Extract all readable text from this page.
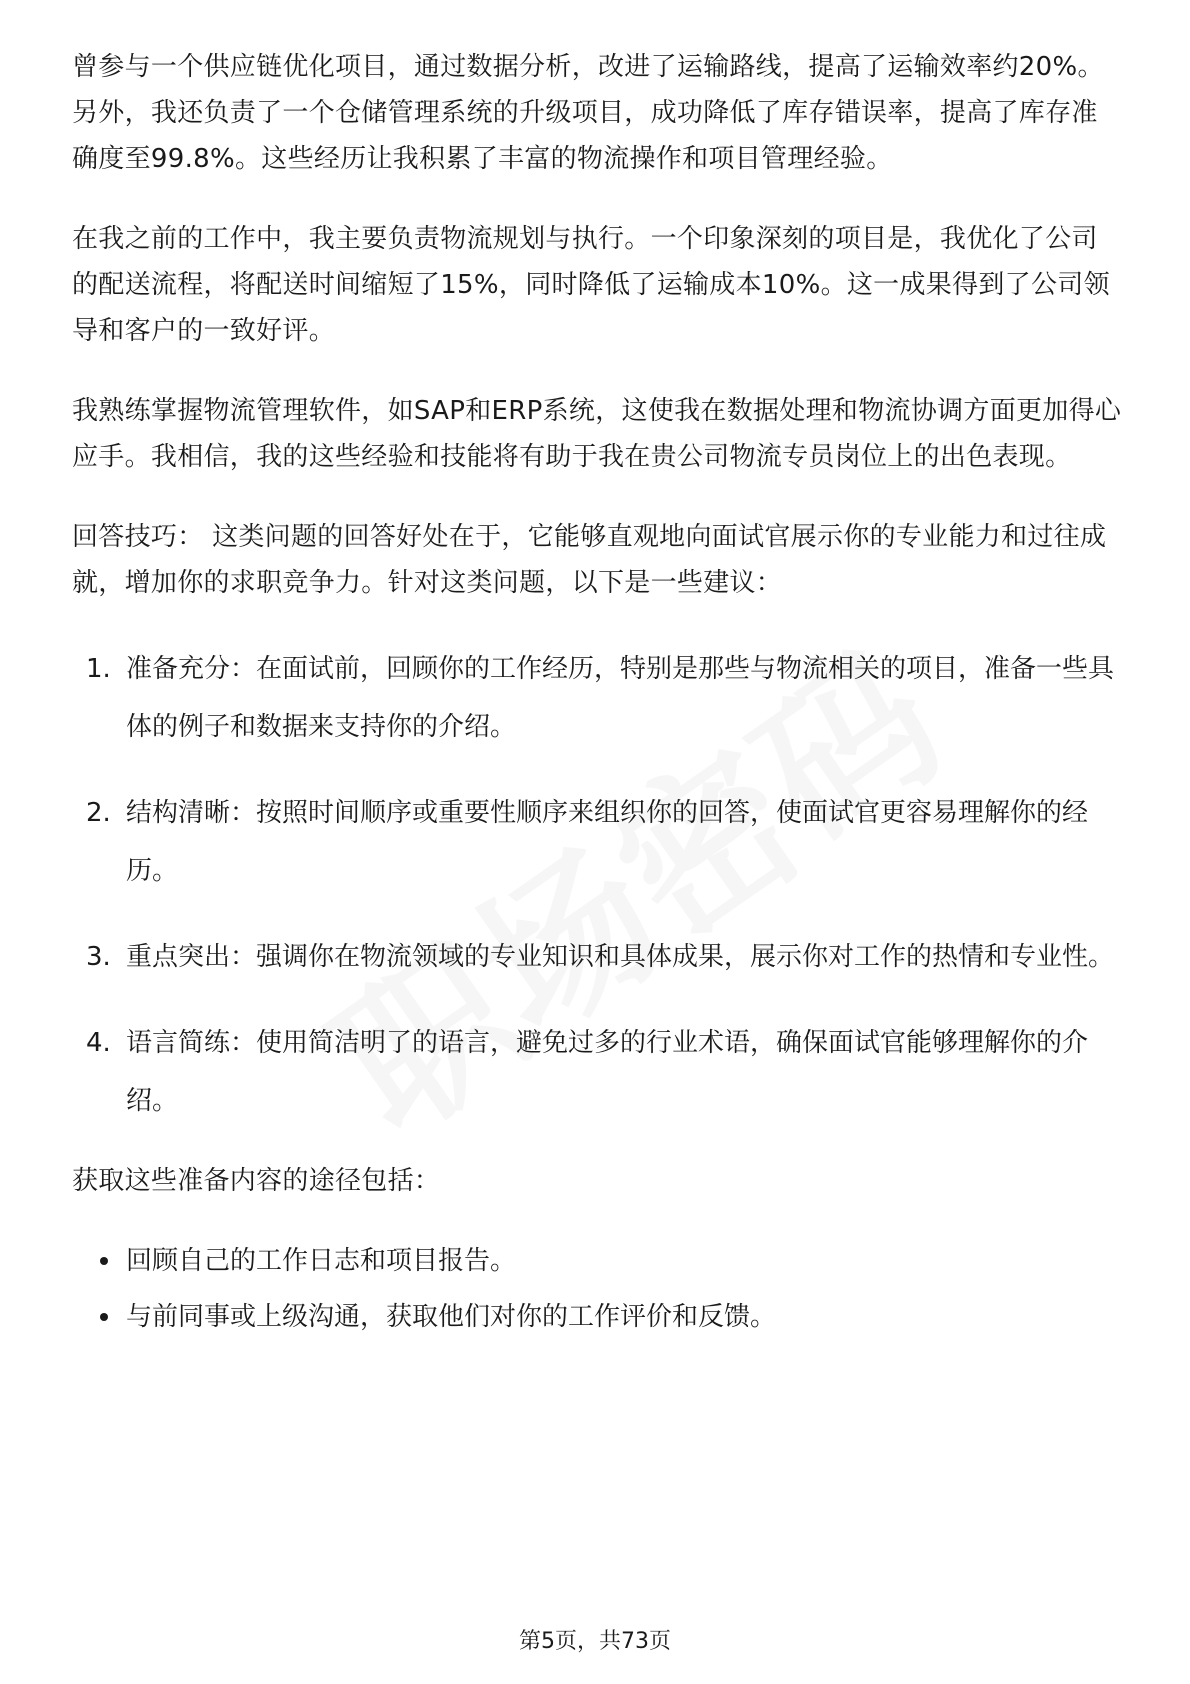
曾参与一个供应链优化项目，通过数据分析，改进了运输路线，提高了运输效率约20%。另外，我还负责了一个仓储管理系统的升级项目，成功降低了库存错误率，提高了库存准确度至99.8%。这些经历让我积累了丰富的物流操作和项目管理经验。

在我之前的工作中，我主要负责物流规划与执行。一个印象深刻的项目是，我优化了公司的配送流程，将配送时间缩短了15%，同时降低了运输成本10%。这一成果得到了公司领导和客户的一致好评。

我熟练掌握物流管理软件，如SAP和ERP系统，这使我在数据处理和物流协调方面更加得心应手。我相信，我的这些经验和技能将有助于我在贵公司物流专员岗位上的出色表现。

回答技巧： 这类问题的回答好处在于，它能够直观地向面试官展示你的专业能力和过往成就，增加你的求职竞争力。针对这类问题，以下是一些建议：

1. 准备充分：在面试前，回顾你的工作经历，特别是那些与物流相关的项目，准备一些具体的例子和数据来支持你的介绍。
2. 结构清晰：按照时间顺序或重要性顺序来组织你的回答，使面试官更容易理解你的经历。
3. 重点突出：强调你在物流领域的专业知识和具体成果，展示你对工作的热情和专业性。
4. 语言简练：使用简洁明了的语言，避免过多的行业术语，确保面试官能够理解你的介绍。

获取这些准备内容的途径包括：

回顾自己的工作日志和项目报告。
与前同事或上级沟通，获取他们对你的工作评价和反馈。
第5页，共73页
